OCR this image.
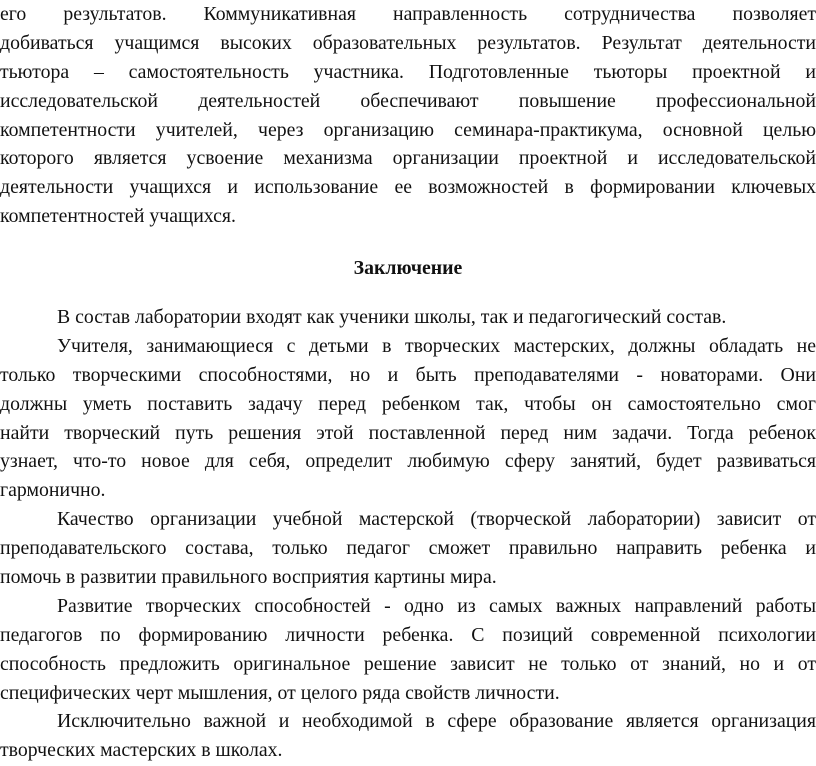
его результатов. Коммуникативная направленность сотрудничества позволяет
добиваться учащимся высоких образовательных результатов. Результат деятельности
тьютора – самостоятельность участника. Подготовленные тьюторы проектной и
исследовательской деятельностей обеспечивают повышение профессиональной
компетентности учителей, через организацию семинара-практикума, основной целью
которого является усвоение механизма организации проектной и исследовательской
деятельности учащихся и использование ее возможностей в формировании ключевых
компетентностей учащихся.
Заключение
В состав лаборатории входят как ученики школы, так и педагогический состав.
Учителя, занимающиеся с детьми в творческих мастерских, должны обладать не
только творческими способностями, но и быть преподавателями - новаторами. Они
должны уметь поставить задачу перед ребенком так, чтобы он самостоятельно смог
найти творческий путь решения этой поставленной перед ним задачи. Тогда ребенок
узнает, что-то новое для себя, определит любимую сферу занятий, будет развиваться
гармонично.
Качество организации учебной мастерской (творческой лаборатории) зависит от
преподавательского состава, только педагог сможет правильно направить ребенка и
помочь в развитии правильного восприятия картины мира.
Развитие творческих способностей - одно из самых важных направлений работы
педагогов по формированию личности ребенка. С позиций современной психологии
способность предложить оригинальное решение зависит не только от знаний, но и от
специфических черт мышления, от целого ряда свойств личности.
Исключительно важной и необходимой в сфере образование является организация
творческих мастерских в школах.
